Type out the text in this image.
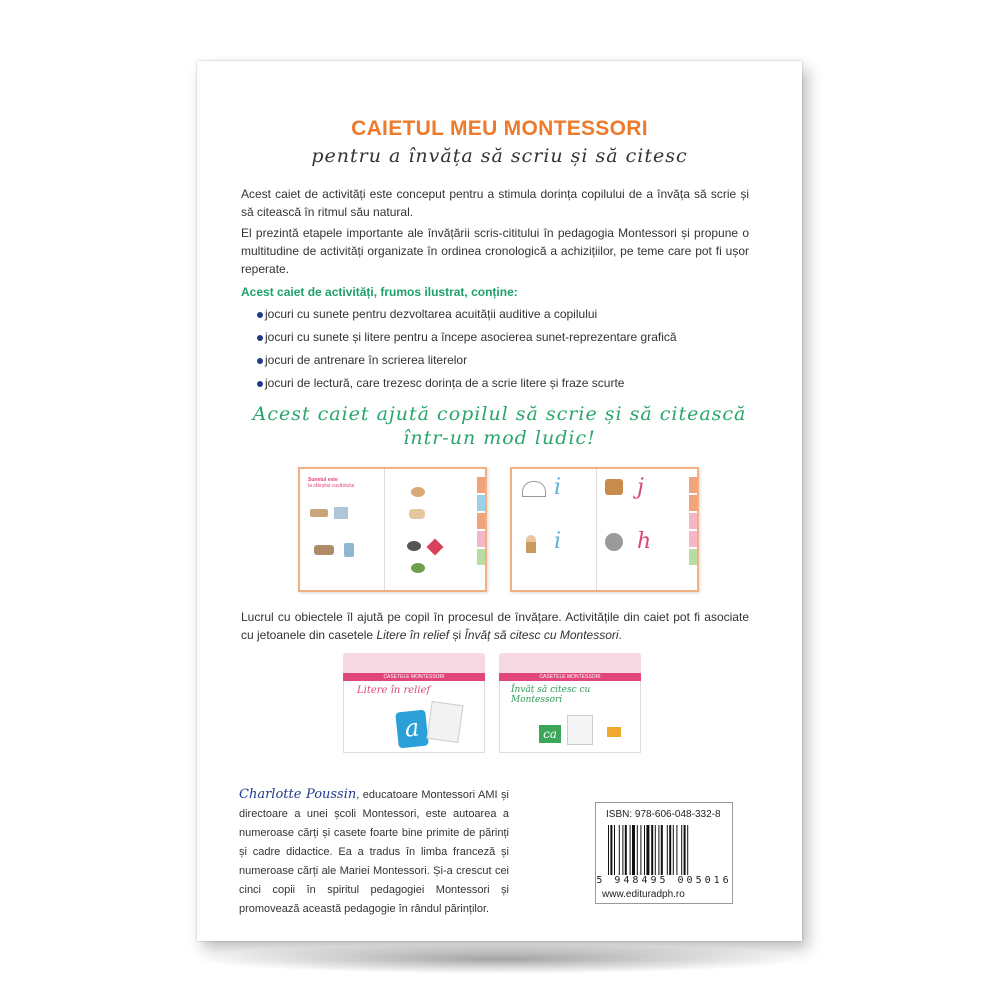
CAIETUL MEU MONTESSORI
pentru a învăța să scriu și să citesc
Acest caiet de activități este conceput pentru a stimula dorința copilului de a învăța să scrie și să citească în ritmul său natural.
El prezintă etapele importante ale învățării scris-cititului în pedagogia Montessori și propune o multitudine de activități organizate în ordinea cronologică a achizițiilor, pe teme care pot fi ușor reperate.
Acest caiet de activități, frumos ilustrat, conține:
jocuri cu sunete pentru dezvoltarea acuității auditive a copilului
jocuri cu sunete și litere pentru a începe asocierea sunet-reprezentare grafică
jocuri de antrenare în scrierea literelor
jocuri de lectură, care trezesc dorința de a scrie litere și fraze scurte
Acest caiet ajută copilul să scrie și să citească
într-un mod ludic!
Sunetul este
la sfârșitul cuvântului	i
i
j
h
Lucrul cu obiectele îl ajută pe copil în procesul de învățare. Activitățile din caiet pot fi asociate cu jetoanele din casetele Litere în relief și Învăț să citesc cu Montessori.
CASETELE MONTESSORI
Litere în relief
a
CASETELE MONTESSORI
Învăț să citesc cu Montessori
ca
Charlotte Poussin, educatoare Montessori AMI și directoare a unei școli Montessori, este autoarea a numeroase cărți și casete foarte bine primite de părinți și cadre didactice. Ea a tradus în limba franceză și numeroase cărți ale Mariei Montessori. Și-a crescut cei cinci copii în spiritul pedagogiei Montessori și promovează această pedagogie în rândul părinților.
ISBN: 978-606-048-332-8
5 948495 005016
www.edituradph.ro
